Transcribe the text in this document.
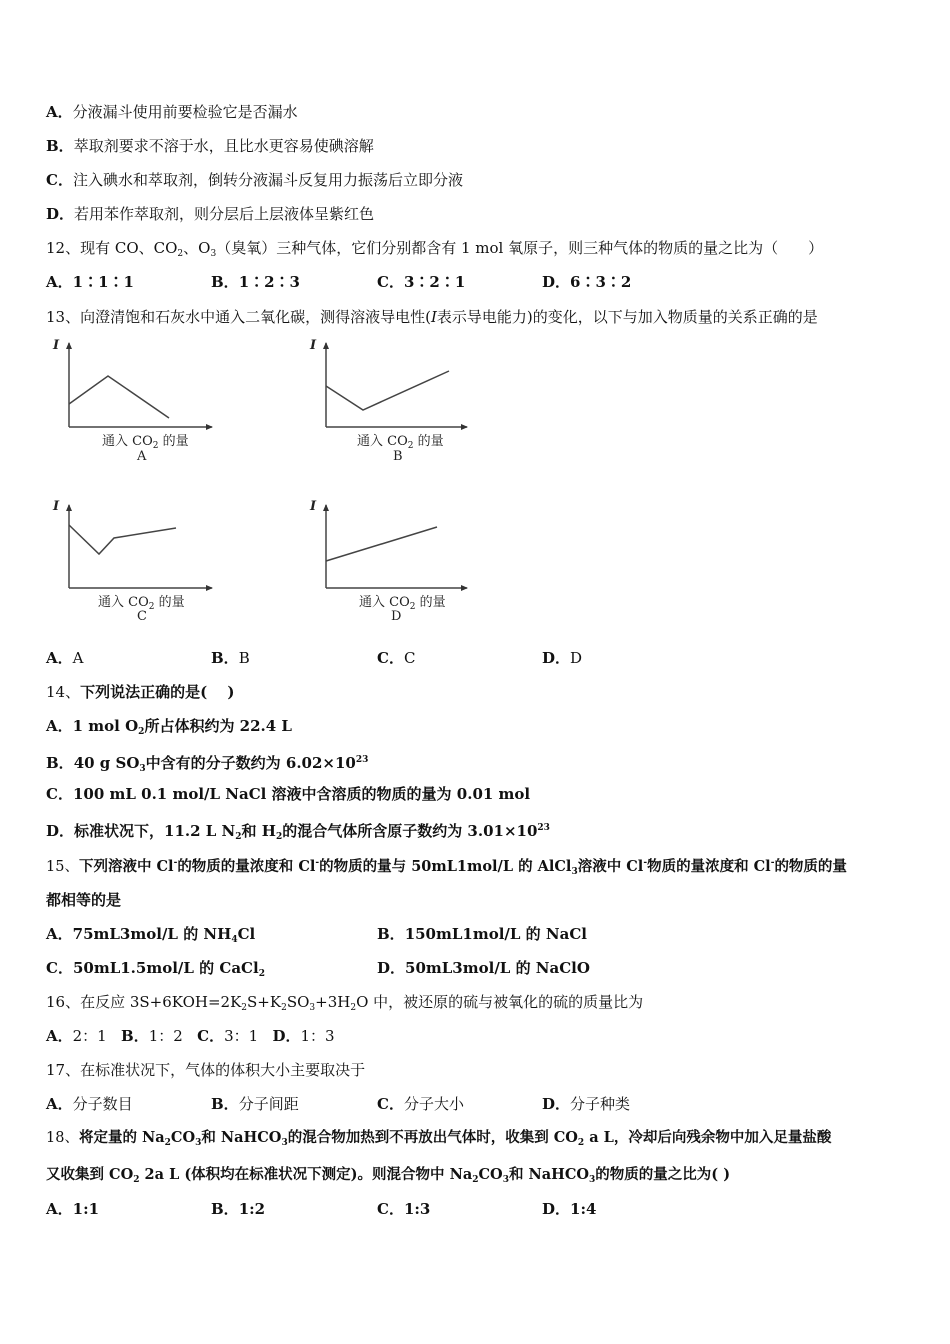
A．分液漏斗使用前要检验它是否漏水
B．萃取剂要求不溶于水，且比水更容易使碘溶解
C．注入碘水和萃取剂，倒转分液漏斗反复用力振荡后立即分液
D．若用苯作萃取剂，则分层后上层液体呈紫红色
12、现有 CO、$CO_2$、$O_3$（臭氧）三种气体，它们分别都含有 1 mol 氧原子，则三种气体的物质的量之比为（　　）
A．1∶1∶1	B．1∶2∶3	C．3∶2∶1	D．6∶3∶2
13、向澄清饱和石灰水中通入二氧化碳，测得溶液导电性(I表示导电能力)的变化，以下与加入物质量的关系正确的是
I	I
I	I
通入 $CO_2$ 的量	通入 $CO_2$ 的量
通入 $CO_2$ 的量	通入 $CO_2$ 的量
A	B
C	D
A．A	B．B	C．C	D．D
14、下列说法正确的是(　 )
A．1 mol $O_2$所占体积约为 22.4 L
B．40 g $SO_3$中含有的分子数约为 $6.02\times 10^{23}$
C．100 mL 0.1 mol/L NaCl 溶液中含溶质的物质的量为 0.01 mol
D．标准状况下，11.2 L $N_2$和 $H_2$的混合气体所含原子数约为 $3.01\times 10^{23}$
15、下列溶液中 Cl-的物质的量浓度和 Cl-的物质的量与 50mL1mol/L 的 AlCl$_3$溶液中 Cl-物质的量浓度和 Cl-的物质的量
都相等的是
A．75mL3mol/L 的 $NH_4Cl$	B．150mL1mol/L 的 NaCl
C．50mL1.5mol/L 的 CaCl$_2$	D．50mL3mol/L 的 NaClO
16、在反应 $3S+6KOH=2K_2S+K_2SO_3+3H_2O$ 中，被还原的硫与被氧化的硫的质量比为
A．2：1 B．1：2 C．3：1 D．1：3
17、在标准状况下，气体的体积大小主要取决于
A．分子数目	B．分子间距	C．分子大小	D．分子种类
18、将定量的 $Na_2CO_3$和 NaHCO$_3$的混合物加热到不再放出气体时，收集到 $CO_2$ a L，冷却后向残余物中加入足量盐酸
又收集到 $CO_2$ 2a L (体积均在标准状况下测定)。则混合物中 $Na_2CO_3$和 NaHCO$_3$的物质的量之比为( )
A．1:1	B．1:2	C．1:3	D．1:4
